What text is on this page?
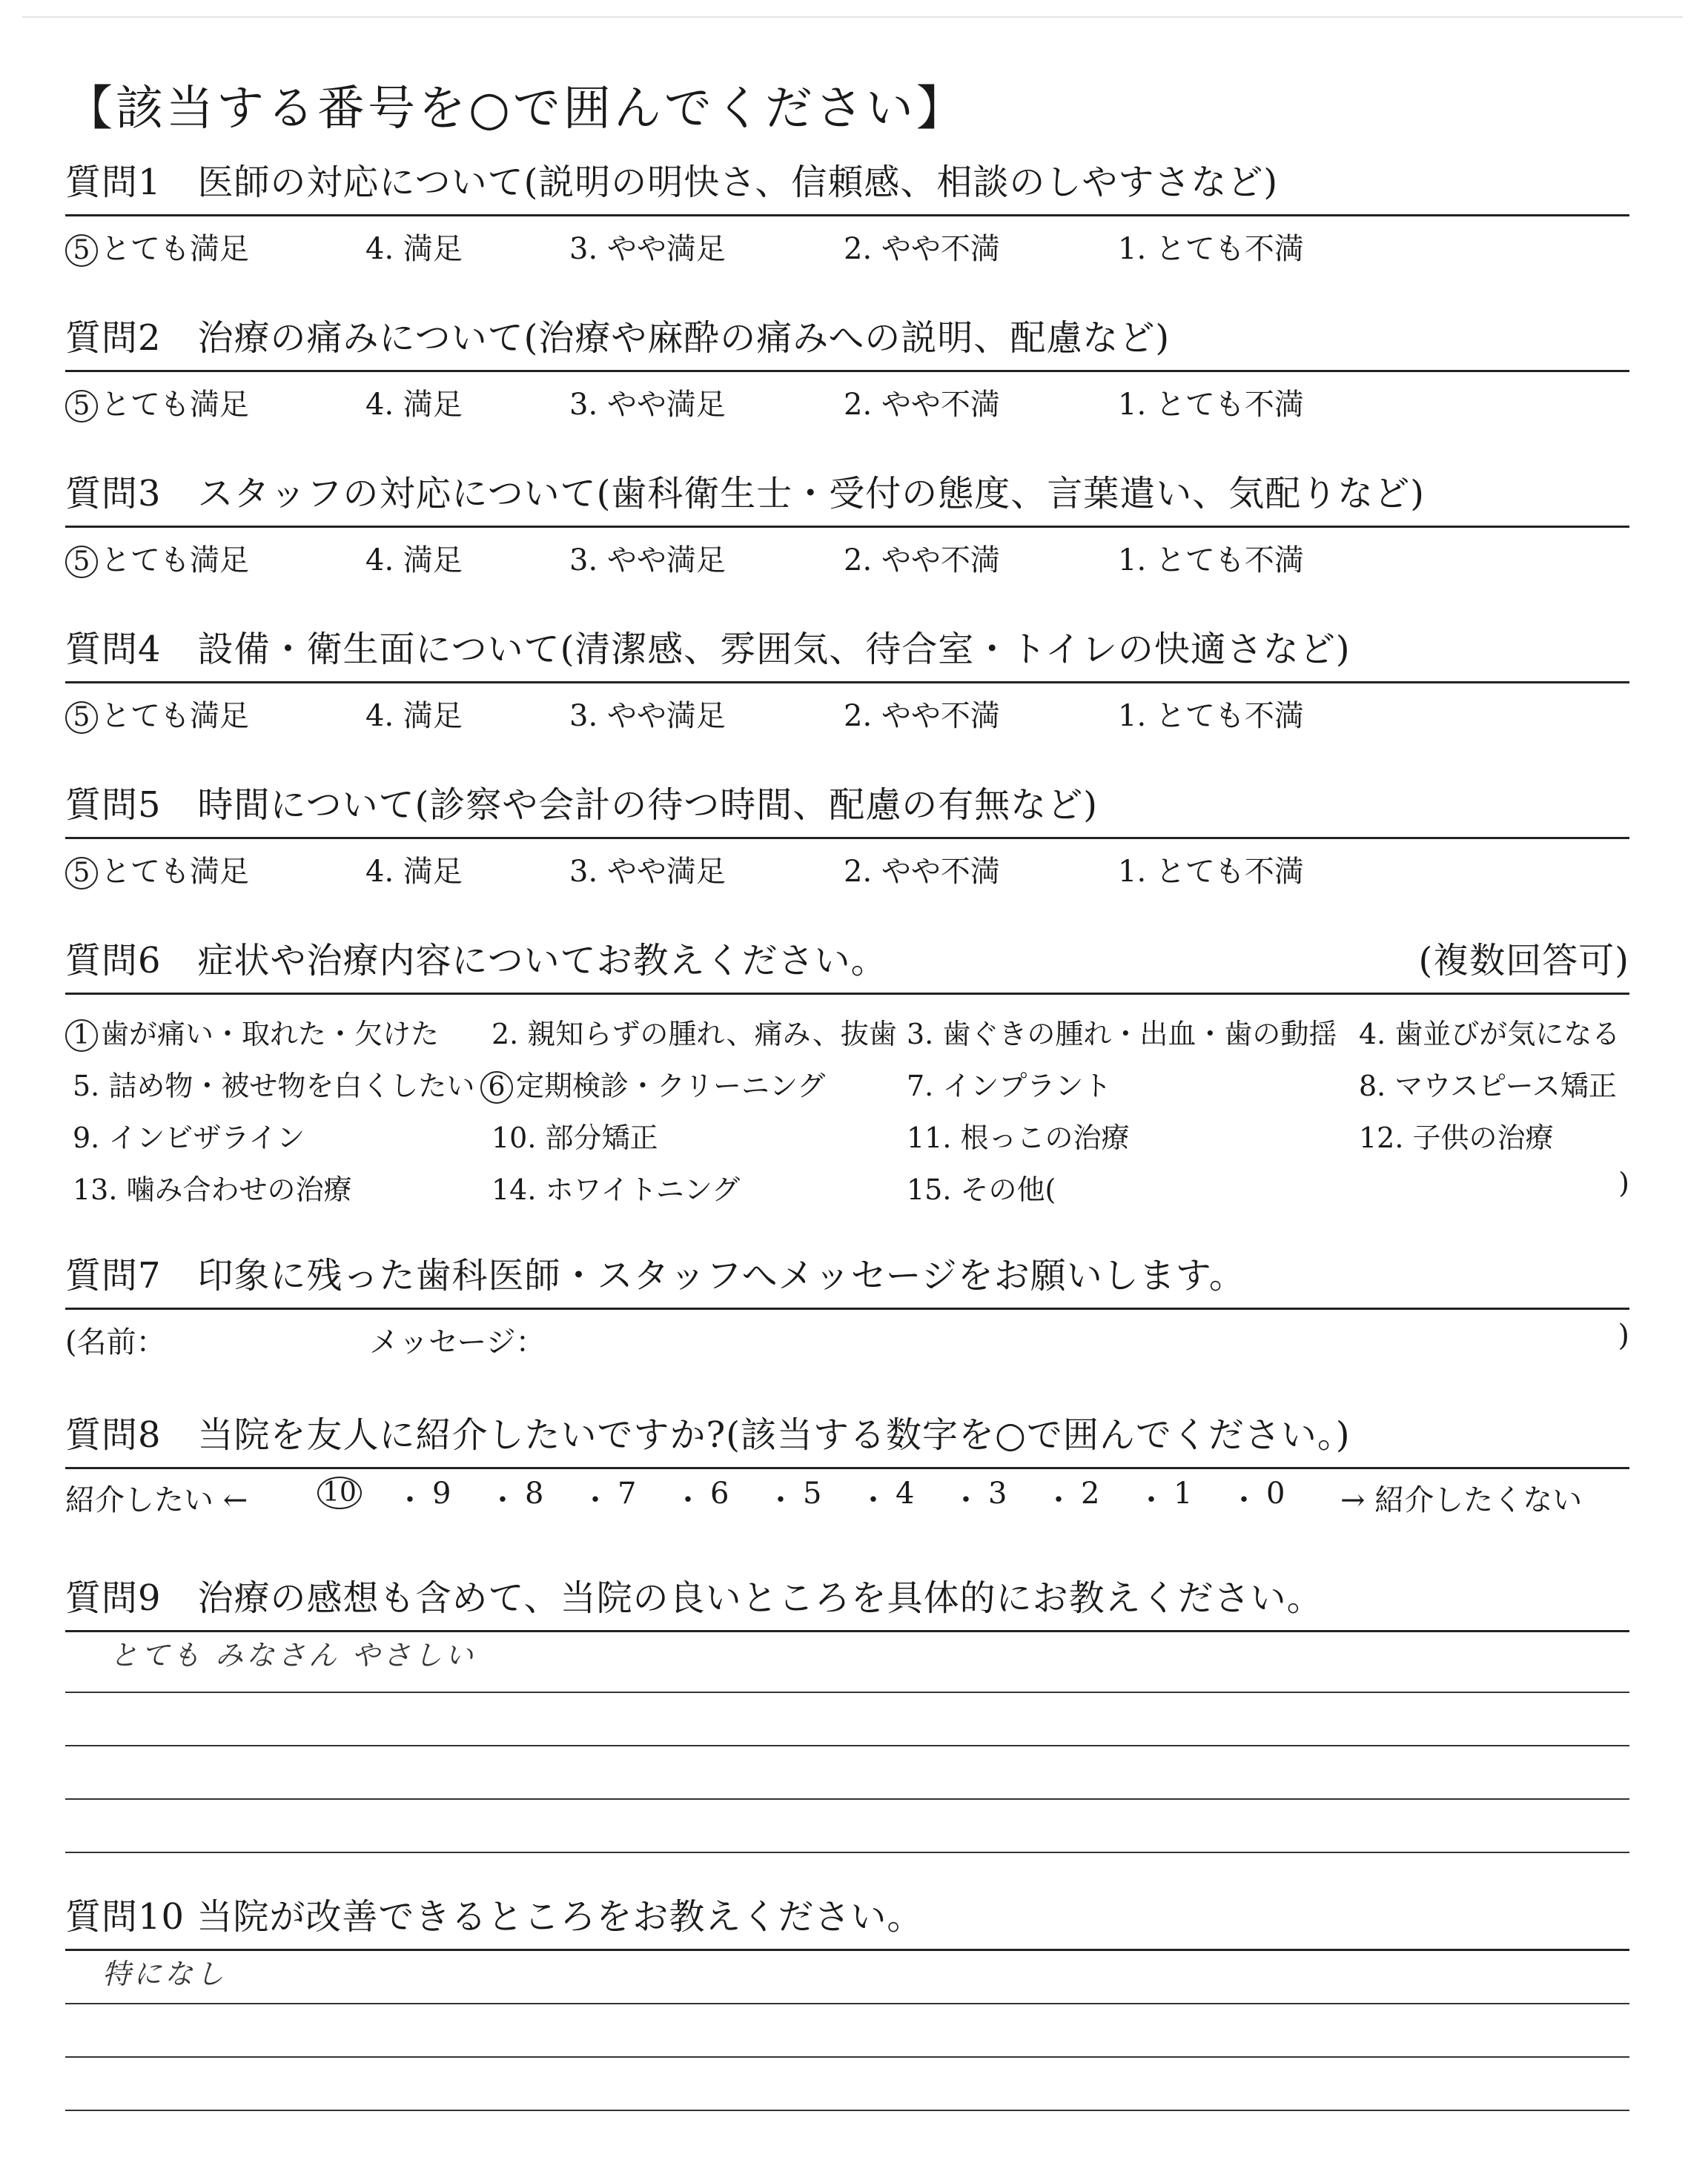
【該当する番号を○で囲んでください】
質問1　医師の対応について(説明の明快さ、信頼感、相談のしやすさなど)
5 とても満足	4. 満足	3. やや満足	2. やや不満	1. とても不満
質問2　治療の痛みについて(治療や麻酔の痛みへの説明、配慮など)
5 とても満足	4. 満足	3. やや満足	2. やや不満	1. とても不満
質問3　スタッフの対応について(歯科衛生士・受付の態度、言葉遣い、気配りなど)
5 とても満足	4. 満足	3. やや満足	2. やや不満	1. とても不満
質問4　設備・衛生面について(清潔感、雰囲気、待合室・トイレの快適さなど)
5 とても満足	4. 満足	3. やや満足	2. やや不満	1. とても不満
質問5　時間について(診察や会計の待つ時間、配慮の有無など)
5 とても満足	4. 満足	3. やや満足	2. やや不満	1. とても不満
質問6　症状や治療内容についてお教えください。	(複数回答可)
1 歯が痛い・取れた・欠けた 2. 親知らずの腫れ、痛み、抜歯 3. 歯ぐきの腫れ・出血・歯の動揺 4. 歯並びが気になる
5. 詰め物・被せ物を白くしたい 6 定期検診・クリーニング	7. インプラント	8. マウスピース矯正
9. インビザライン	10. 部分矯正	11. 根っこの治療	12. 子供の治療
13. 噛み合わせの治療	14. ホワイトニング	15. その他(	)
質問7　印象に残った歯科医師・スタッフへメッセージをお願いします。
(名前：	メッセージ：	)
質問8　当院を友人に紹介したいですか?(該当する数字を○で囲んでください。)
紹介したい ←	10 ・ 9 ・ 8 ・ 7 ・ 6 ・ 5 ・ 4 ・ 3 ・ 2 ・ 1 ・ 0 → 紹介したくない
質問9　治療の感想も含めて、当院の良いところを具体的にお教えください。
とても みなさん やさしい
質問10 当院が改善できるところをお教えください。
特になし
